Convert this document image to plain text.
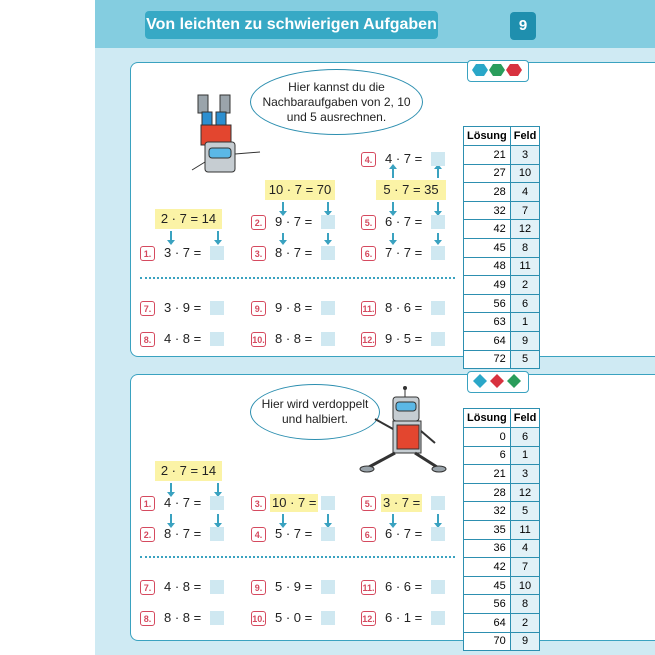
Von leichten zu schwierigen Aufgaben	9
Hier kannst du die
Nachbaraufgaben von 2, 10
und 5 ausrechnen.
2 · 7 = 14
10 · 7 = 70	5 · 7 = 35
4. 4 · 7 =
2. 9 · 7 =	5. 6 · 7 =
1. 3 · 7 =	3. 8 · 7 =	6. 7 · 7 =
7. 3 · 9 =	9. 9 · 8 =	11. 8 · 6 =
8. 4 · 8 =	10. 8 · 8 =	12. 9 · 5 =
Lösung	Feld
21	3
27	10
28	4
32	7
42	12
45	8
48	11
49	2
56	6
63	1
64	9
72	5
Hier wird verdoppelt
und halbiert.
2 · 7 = 14
1. 4 · 7 =	3. 10 · 7 =	5. 3 · 7 =
2. 8 · 7 =	4. 5 · 7 =	6. 6 · 7 =
7. 4 · 8 =	9. 5 · 9 =	11. 6 · 6 =
8. 8 · 8 =	10. 5 · 0 =	12. 6 · 1 =
Lösung	Feld
0	6
6	1
21	3
28	12
32	5
35	11
36	4
42	7
45	10
56	8
64	2
70	9
